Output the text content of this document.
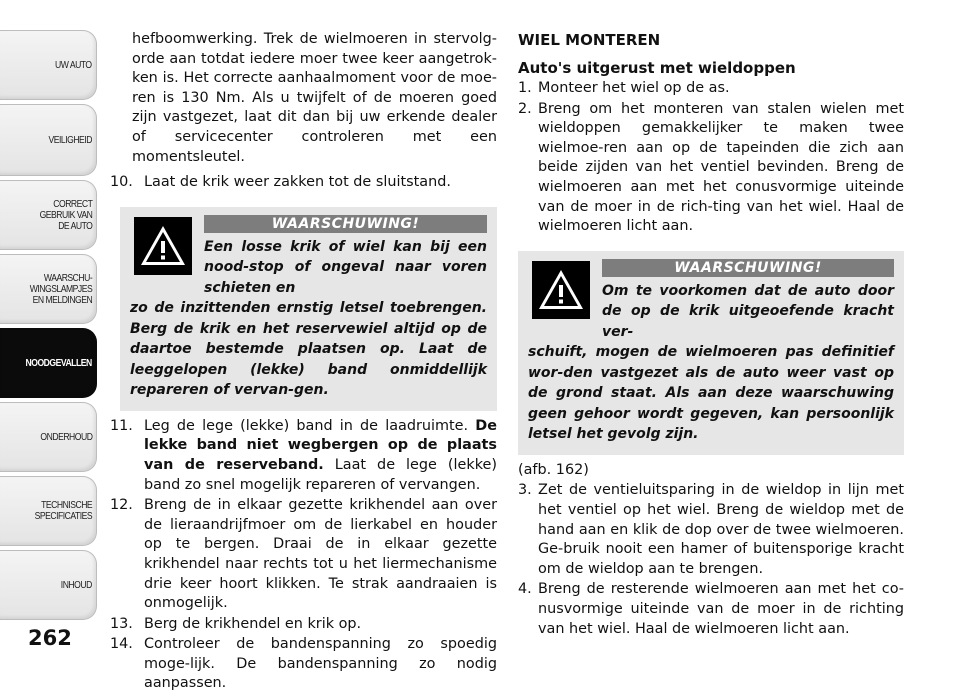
UW AUTO
VEILIGHEID
CORRECT
GEBRUIK VAN
DE AUTO
WAARSCHU-
WINGSLAMPJES
EN MELDINGEN
NOODGEVALLEN
ONDERHOUD
TECHNISCHE
SPECIFICATIES
INHOUD
262

hefboomwerking. Trek de wielmoeren in stervolg-orde aan totdat iedere moer twee keer aangetrok-ken is. Het correcte aanhaalmoment voor de moe-ren is 130 Nm. Als u twijfelt of de moeren goed zijn vastgezet, laat dit dan bij uw erkende dealer of servicecenter controleren met een momentsleutel.

10. Laat de krik weer zakken tot de sluitstand.
WAARSCHUWING!
Een losse krik of wiel kan bij een nood-stop of ongeval naar voren schieten en
zo de inzittenden ernstig letsel toebrengen. Berg de krik en het reservewiel altijd op de daartoe bestemde plaatsen op. Laat de leeggelopen (lekke) band onmiddellijk repareren of vervan-gen.
11. Leg de lege (lekke) band in de laadruimte. De lekke band niet wegbergen op de plaats van de reserveband. Laat de lege (lekke) band zo snel mogelijk repareren of vervangen.
12. Breng de in elkaar gezette krikhendel aan over de lieraandrijfmoer om de lierkabel en houder op te bergen. Draai de in elkaar gezette krikhendel naar rechts tot u het liermechanisme drie keer hoort klikken. Te strak aandraaien is onmogelijk.
13. Berg de krikhendel en krik op.
14. Controleer de bandenspanning zo spoedig moge-lijk. De bandenspanning zo nodig aanpassen.
WIEL MONTEREN
Auto's uitgerust met wieldoppen
1. Monteer het wiel op de as.
2. Breng om het monteren van stalen wielen met wieldoppen gemakkelijker te maken twee wielmoe-ren aan op de tapeinden die zich aan beide zijden van het ventiel bevinden. Breng de wielmoeren aan met het conusvormige uiteinde van de moer in de rich-ting van het wiel. Haal de wielmoeren licht aan.
WAARSCHUWING!
Om te voorkomen dat de auto door de op de krik uitgeoefende kracht ver-
schuift, mogen de wielmoeren pas definitief wor-den vastgezet als de auto weer vast op de grond staat. Als aan deze waarschuwing geen gehoor wordt gegeven, kan persoonlijk letsel het gevolg zijn.
(afb. 162)
3. Zet de ventieluitsparing in de wieldop in lijn met het ventiel op het wiel. Breng de wieldop met de hand aan en klik de dop over de twee wielmoeren. Ge-bruik nooit een hamer of buitensporige kracht om de wieldop aan te brengen.
4. Breng de resterende wielmoeren aan met het co-nusvormige uiteinde van de moer in de richting van het wiel. Haal de wielmoeren licht aan.
